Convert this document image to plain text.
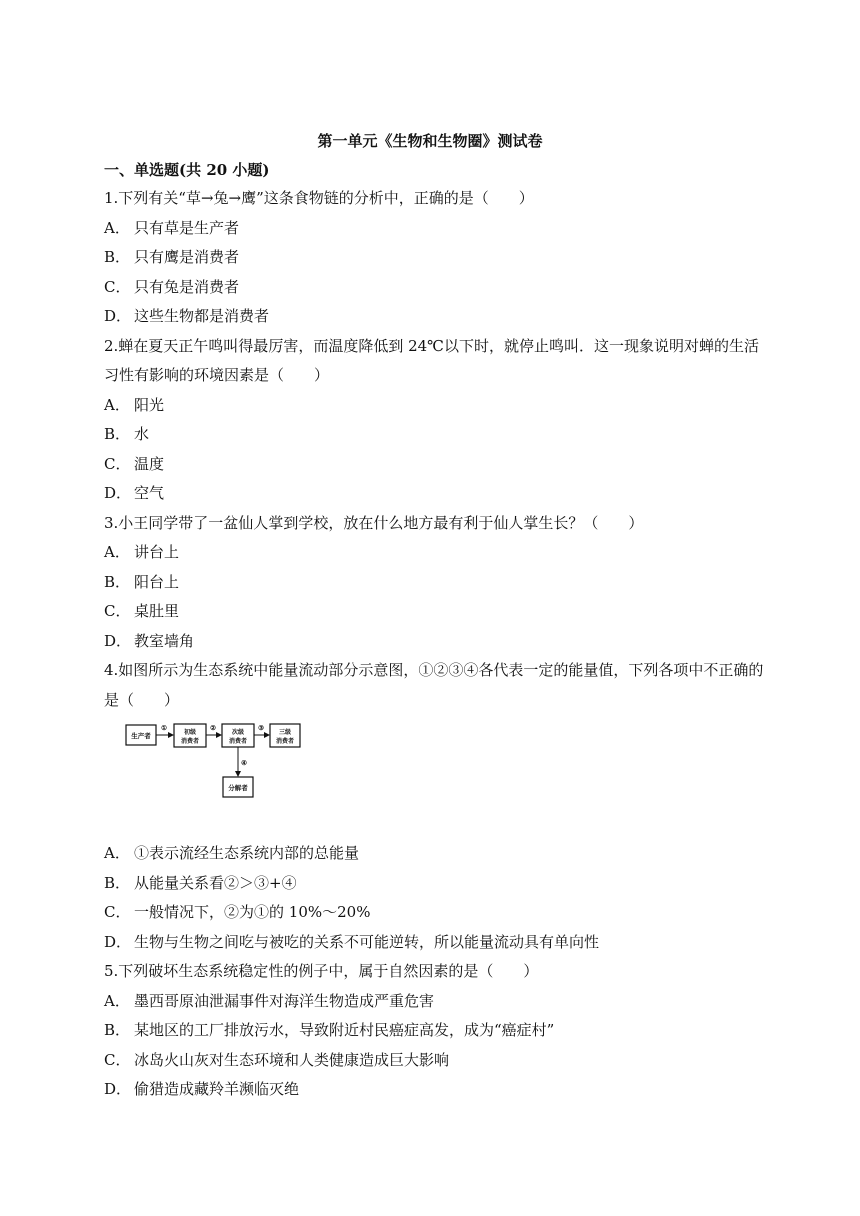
第一单元《生物和生物圈》测试卷
一、单选题(共 20 小题)

1.下列有关“草→兔→鹰”这条食物链的分析中，正确的是（　　）

A． 只有草是生产者
B． 只有鹰是消费者
C． 只有兔是消费者
D． 这些生物都是消费者

2.蝉在夏天正午鸣叫得最厉害，而温度降低到 24℃以下时，就停止鸣叫．这一现象说明对蝉的生活习性有影响的环境因素是（　　）

A． 阳光
B． 水
C． 温度
D． 空气

3.小王同学带了一盆仙人掌到学校，放在什么地方最有利于仙人掌生长？（　　）

A． 讲台上
B． 阳台上
C． 桌肚里
D． 教室墙角

4.如图所示为生态系统中能量流动部分示意图，①②③④各代表一定的能量值，下列各项中不正确的是（　　）

生产者
①
初级
消费者
②
次级
消费者
③
三级
消费者
④
分解者
A． ①表示流经生态系统内部的总能量
B． 从能量关系看②＞③+④
C． 一般情况下，②为①的 10%～20%
D． 生物与生物之间吃与被吃的关系不可能逆转，所以能量流动具有单向性

5.下列破坏生态系统稳定性的例子中，属于自然因素的是（　　）

A． 墨西哥原油泄漏事件对海洋生物造成严重危害
B． 某地区的工厂排放污水，导致附近村民癌症高发，成为“癌症村”
C． 冰岛火山灰对生态环境和人类健康造成巨大影响
D． 偷猎造成藏羚羊濒临灭绝
